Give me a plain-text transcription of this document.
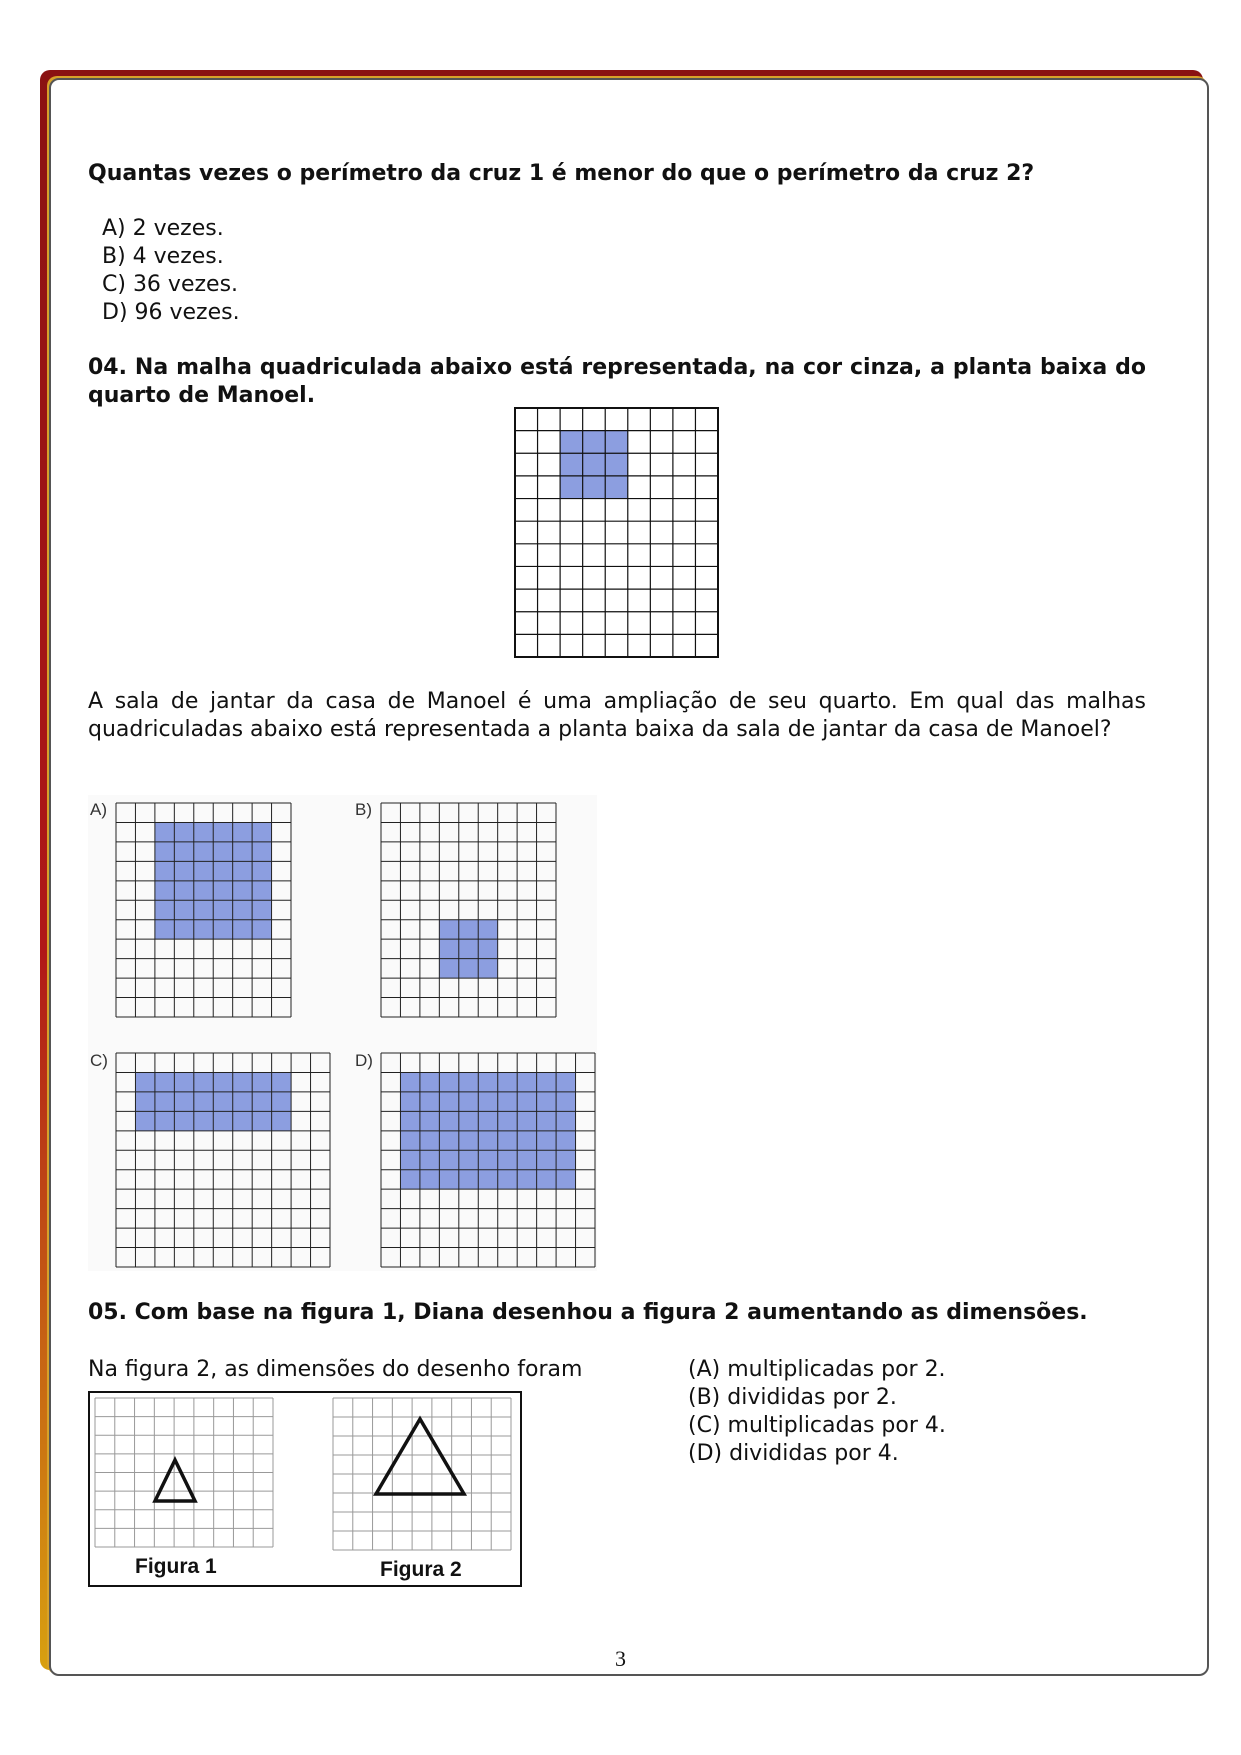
Quantas vezes o perímetro da cruz 1 é menor do que o perímetro da cruz 2?

A) 2 vezes.
B) 4 vezes.
C) 36 vezes.
D) 96 vezes.

04. Na malha quadriculada abaixo está representada, na cor cinza, a planta baixa do quarto de Manoel.

A sala de jantar da casa de Manoel é uma ampliação de seu quarto. Em qual das malhas quadriculadas abaixo está representada a planta baixa da sala de jantar da casa de Manoel?

A)	B)
C)	D)

05. Com base na figura 1, Diana desenhou a figura 2 aumentando as dimensões.

Na figura 2, as dimensões do desenho foram

Figura 1	Figura 2
(A) multiplicadas por 2.
(B) divididas por 2.
(C) multiplicadas por 4.
(D) divididas por 4.
3
